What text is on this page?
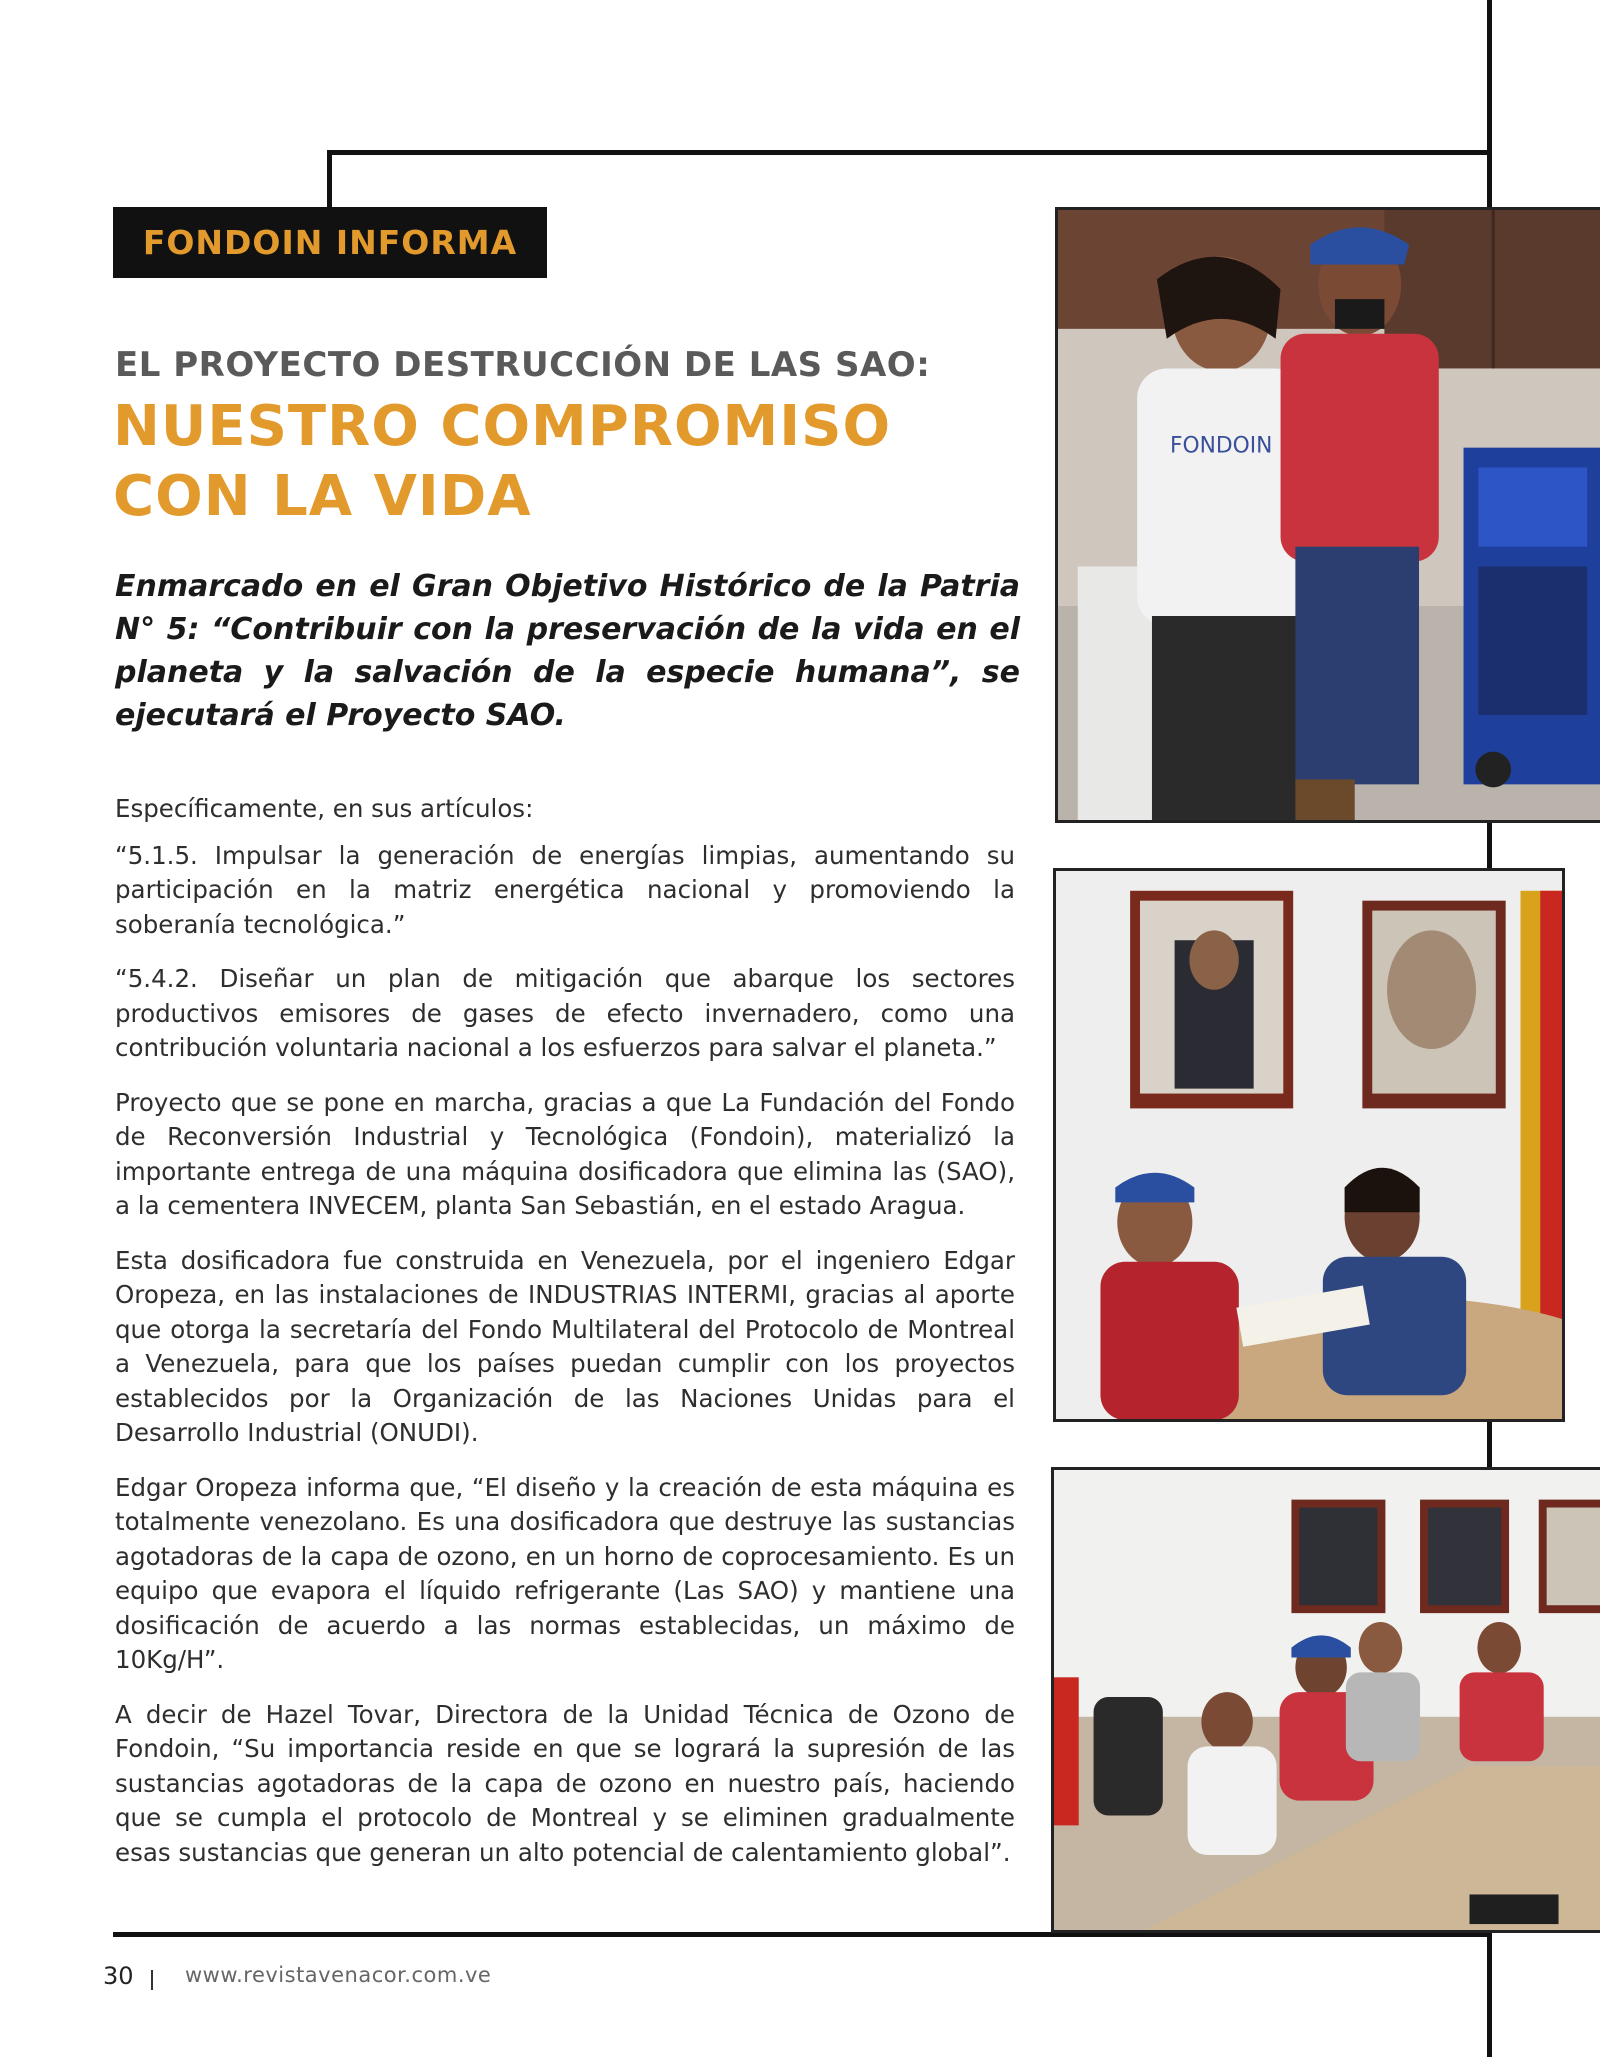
FONDOIN INFORMA
EL PROYECTO DESTRUCCIÓN DE LAS SAO:
NUESTRO COMPROMISO
CON LA VIDA
Enmarcado en el Gran Objetivo Histórico de la Patria N° 5: “Contribuir con la preservación de la vida en el planeta y la salvación de la especie humana”, se ejecutará el Proyecto SAO.

Específicamente, en sus artículos:

“5.1.5. Impulsar la generación de energías limpias, aumentando su participación en la matriz energética nacional y promoviendo la soberanía tecnológica.”

“5.4.2. Diseñar un plan de mitigación que abarque los sectores productivos emisores de gases de efecto invernadero, como una contribución voluntaria nacional a los esfuerzos para salvar el planeta.”

Proyecto que se pone en marcha, gracias a que La Fundación del Fondo de Reconversión Industrial y Tecnológica (Fondoin), materializó la importante entrega de una máquina dosificadora que elimina las (SAO), a la cementera INVECEM, planta San Sebastián, en el estado Aragua.

Esta dosificadora fue construida en Venezuela, por el ingeniero Edgar Oropeza, en las instalaciones de INDUSTRIAS INTERMI, gracias al aporte que otorga la secretaría del Fondo Multilateral del Protocolo de Montreal a Venezuela, para que los países puedan cumplir con los proyectos establecidos por la Organización de las Naciones Unidas para el Desarrollo Industrial (ONUDI).

Edgar Oropeza informa que, “El diseño y la creación de esta máquina es totalmente venezolano. Es una dosificadora que destruye las sustancias agotadoras de la capa de ozono, en un horno de coprocesamiento. Es un equipo que evapora el líquido refrigerante (Las SAO) y mantiene una dosificación de acuerdo a las normas establecidas, un máximo de 10Kg/H”.

A decir de Hazel Tovar, Directora de la Unidad Técnica de Ozono de Fondoin, “Su importancia reside en que se logrará la supresión de las sustancias agotadoras de la capa de ozono en nuestro país, haciendo que se cumpla el protocolo de Montreal y se eliminen gradualmente esas sustancias que generan un alto potencial de calentamiento global”.

FONDOIN
30 www.revistavenacor.com.ve
